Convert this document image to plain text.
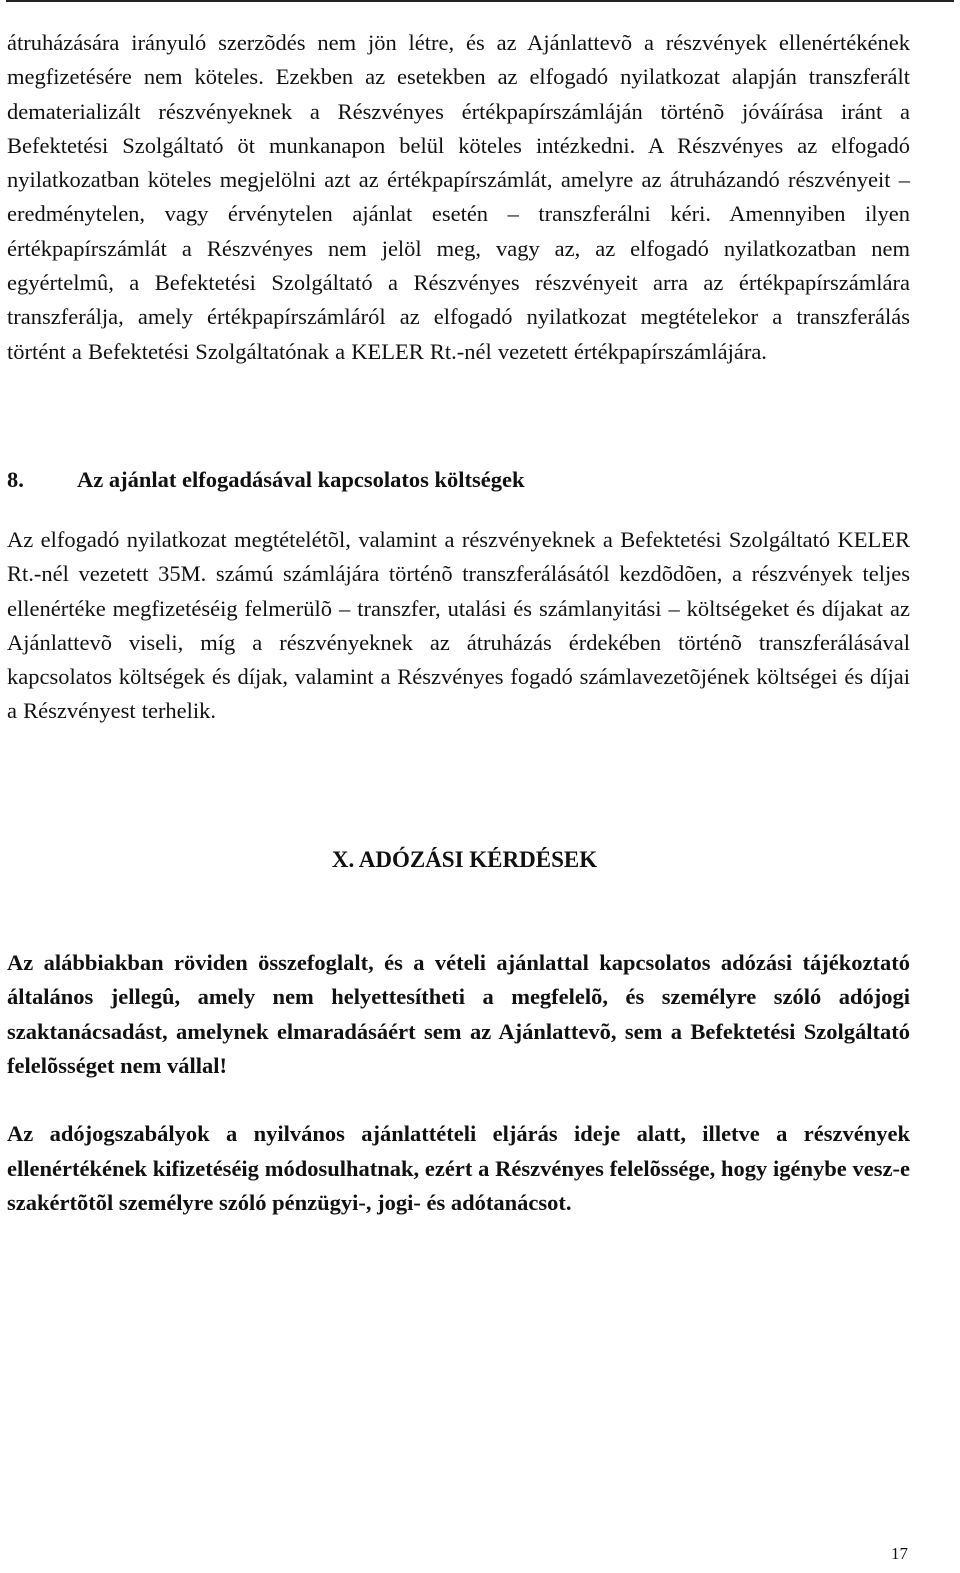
átruházására irányuló szerzõdés nem jön létre, és az Ajánlattevõ a részvények ellenértékének megfizetésére nem köteles. Ezekben az esetekben az elfogadó nyilatkozat alapján transzferált dematerializált részvényeknek a Részvényes értékpapírszámláján történõ jóváírása iránt a Befektetési Szolgáltató öt munkanapon belül köteles intézkedni. A Részvényes az elfogadó nyilatkozatban köteles megjelölni azt az értékpapírszámlát, amelyre az átruházandó részvényeit – eredménytelen, vagy érvénytelen ajánlat esetén – transzferálni kéri. Amennyiben ilyen értékpapírszámlát a Részvényes nem jelöl meg, vagy az, az elfogadó nyilatkozatban nem egyértelmû, a Befektetési Szolgáltató a Részvényes részvényeit arra az értékpapírszámlára transzferálja, amely értékpapírszámláról az elfogadó nyilatkozat megtételekor a transzferálás történt a Befektetési Szolgáltatónak a KELER Rt.-nél vezetett értékpapírszámlájára.

8.	Az ajánlat elfogadásával kapcsolatos költségek

Az elfogadó nyilatkozat megtételétõl, valamint a részvényeknek a Befektetési Szolgáltató KELER Rt.-nél vezetett 35M. számú számlájára történõ transzferálásától kezdõdõen, a részvények teljes ellenértéke megfizetéséig felmerülõ – transzfer, utalási és számlanyitási – költségeket és díjakat az Ajánlattevõ viseli, míg a részvényeknek az átruházás érdekében történõ transzferálásával kapcsolatos költségek és díjak, valamint a Részvényes fogadó számlavezetõjének költségei és díjai a Részvényest terhelik.

X. ADÓZÁSI KÉRDÉSEK

Az alábbiakban röviden összefoglalt, és a vételi ajánlattal kapcsolatos adózási tájékoztató általános jellegû, amely nem helyettesítheti a megfelelõ, és személyre szóló adójogi szaktanácsadást, amelynek elmaradásáért sem az Ajánlattevõ, sem a Befektetési Szolgáltató felelõsséget nem vállal!

Az adójogszabályok a nyilvános ajánlattételi eljárás ideje alatt, illetve a részvények ellenértékének kifizetéséig módosulhatnak, ezért a Részvényes felelõssége, hogy igénybe vesz-e szakértõtõl személyre szóló pénzügyi-, jogi- és adótanácsot.

17
